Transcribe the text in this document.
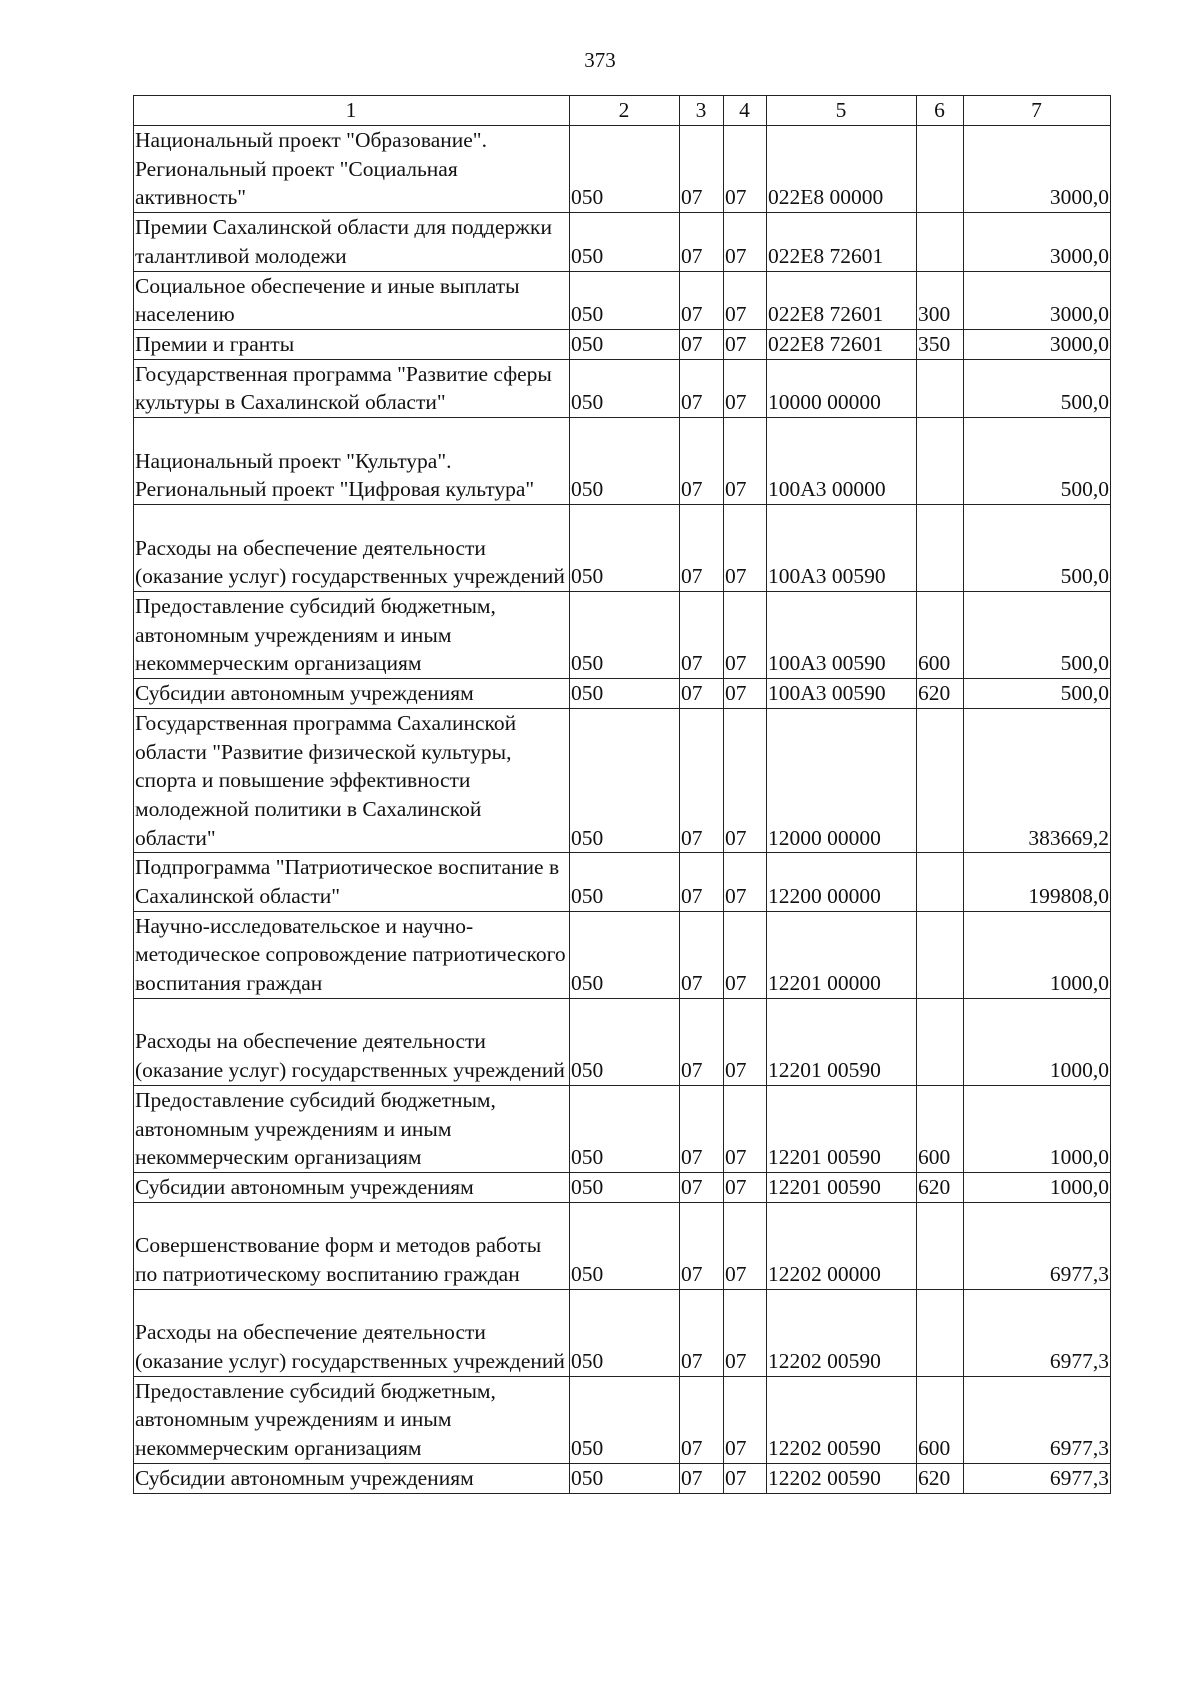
373
1	2	3	4	5	6	7
Национальный проект "Образование". Региональный проект "Социальная активность"	050	07	07	022E8 00000		3000,0
Премии Сахалинской области для поддержки талантливой молодежи	050	07	07	022E8 72601		3000,0
Социальное обеспечение и иные выплаты населению	050	07	07	022E8 72601	300	3000,0
Премии и гранты	050	07	07	022E8 72601	350	3000,0
Государственная программа "Развитие сферы культуры в Сахалинской области"	050	07	07	10000 00000		500,0
Национальный проект "Культура". Региональный проект "Цифровая культура"	050	07	07	100A3 00000		500,0
Расходы на обеспечение деятельности (оказание услуг) государственных учреждений	050	07	07	100A3 00590		500,0
Предоставление субсидий бюджетным, автономным учреждениям и иным некоммерческим организациям	050	07	07	100A3 00590	600	500,0
Субсидии автономным учреждениям	050	07	07	100A3 00590	620	500,0
Государственная программа Сахалинской области "Развитие физической культуры, спорта и повышение эффективности молодежной политики в Сахалинской области"	050	07	07	12000 00000		383669,2
Подпрограмма "Патриотическое воспитание в Сахалинской области"	050	07	07	12200 00000		199808,0
Научно-исследовательское и научно-методическое сопровождение патриотического воспитания граждан	050	07	07	12201 00000		1000,0
Расходы на обеспечение деятельности (оказание услуг) государственных учреждений	050	07	07	12201 00590		1000,0
Предоставление субсидий бюджетным, автономным учреждениям и иным некоммерческим организациям	050	07	07	12201 00590	600	1000,0
Субсидии автономным учреждениям	050	07	07	12201 00590	620	1000,0
Совершенствование форм и методов работы по патриотическому воспитанию граждан	050	07	07	12202 00000		6977,3
Расходы на обеспечение деятельности (оказание услуг) государственных учреждений	050	07	07	12202 00590		6977,3
Предоставление субсидий бюджетным, автономным учреждениям и иным некоммерческим организациям	050	07	07	12202 00590	600	6977,3
Субсидии автономным учреждениям	050	07	07	12202 00590	620	6977,3
